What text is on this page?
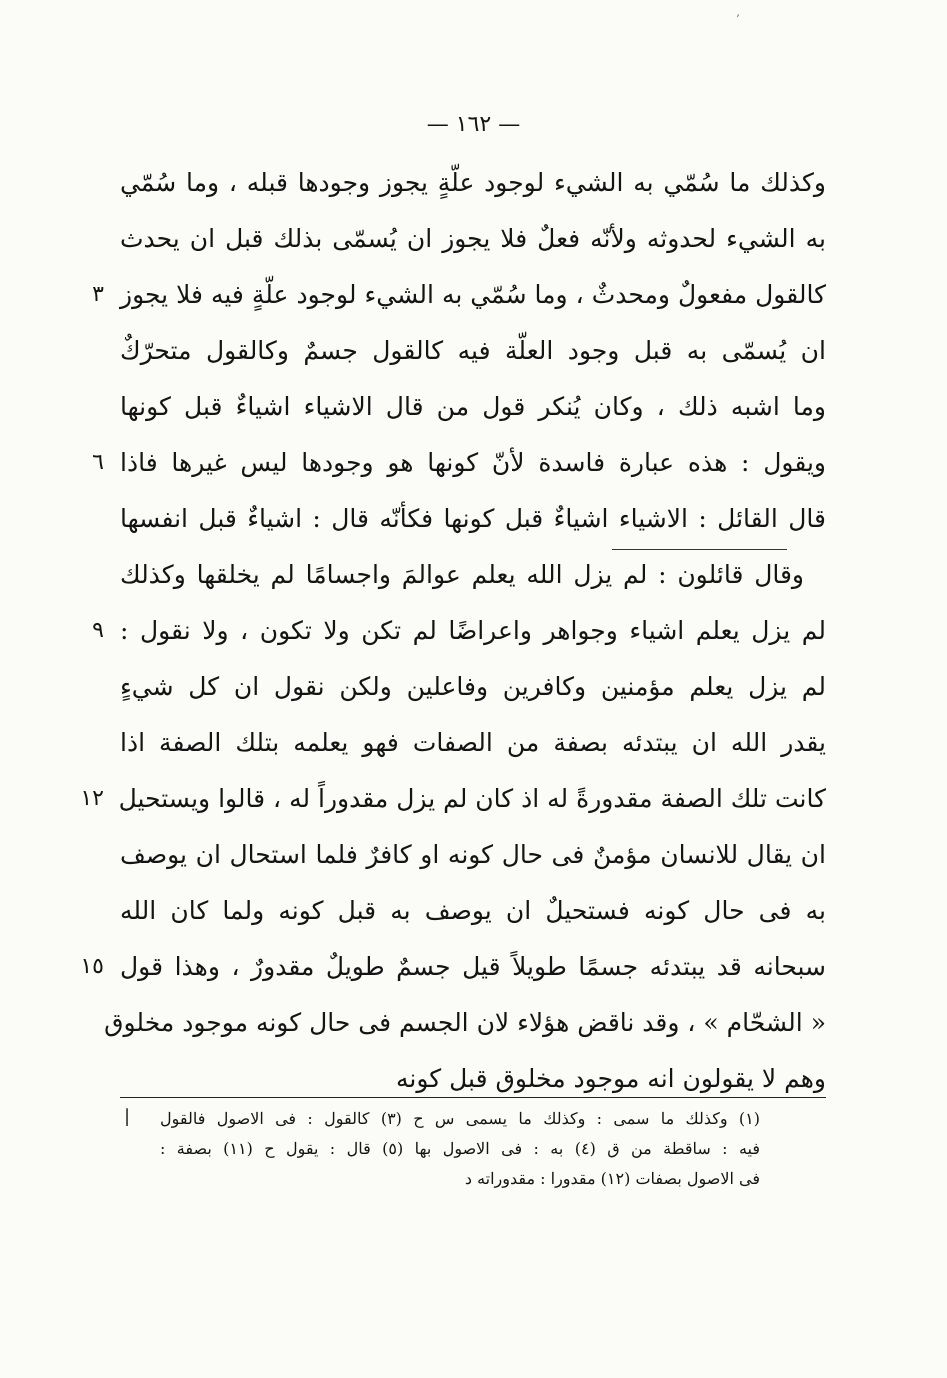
ʼ
— ١٦٢ —
وكذلك ما سُمّي به الشيء لوجود علّةٍ يجوز وجودها قبله ، وما سُمّي
به الشيء لحدوثه ولأنّه فعلٌ فلا يجوز ان يُسمّى بذلك قبل ان يحدث
٣ كالقول مفعولٌ ومحدثٌ ، وما سُمّي به الشيء لوجود علّةٍ فيه فلا يجوز
ان يُسمّى به قبل وجود العلّة فيه كالقول جسمٌ وكالقول متحرّكٌ
وما اشبه ذلك ، وكان يُنكر قول من قال الاشياء اشياءٌ قبل كونها
٦ ويقول : هذه عبارة فاسدة لأنّ كونها هو وجودها ليس غيرها فاذا
قال القائل : الاشياء اشياءٌ قبل كونها فكأنّه قال : اشياءٌ قبل انفسها
وقال قائلون : لم يزل الله يعلم عوالمَ واجسامًا لم يخلقها وكذلك
٩ لم يزل يعلم اشياء وجواهر واعراضًا لم تكن ولا تكون ، ولا نقول :
لم يزل يعلم مؤمنين وكافرين وفاعلين ولكن نقول ان كل شيءٍ
يقدر الله ان يبتدئه بصفة من الصفات فهو يعلمه بتلك الصفة اذا
١٢ كانت تلك الصفة مقدورةً له اذ كان لم يزل مقدوراً له ، قالوا ويستحيل
ان يقال للانسان مؤمنٌ فى حال كونه او كافرٌ فلما استحال ان يوصف
به فى حال كونه فستحيلٌ ان يوصف به قبل كونه ولما كان الله
١٥ سبحانه قد يبتدئه جسمًا طويلاً قيل جسمٌ طويلٌ مقدورٌ ، وهذا قول
« الشحّام » ، وقد ناقض هؤلاء لان الجسم فى حال كونه موجود مخلوق
وهم لا يقولون انه موجود مخلوق قبل كونه
| (١) وكذلك ما سمى : وكذلك ما يسمى س ح (٣) كالقول : فى الاصول فالقول
فيه : ساقطة من ق (٤) به : فى الاصول بها (٥) قال : يقول ح (١١) بصفة :
فى الاصول بصفات (١٢) مقدورا : مقدوراته د
